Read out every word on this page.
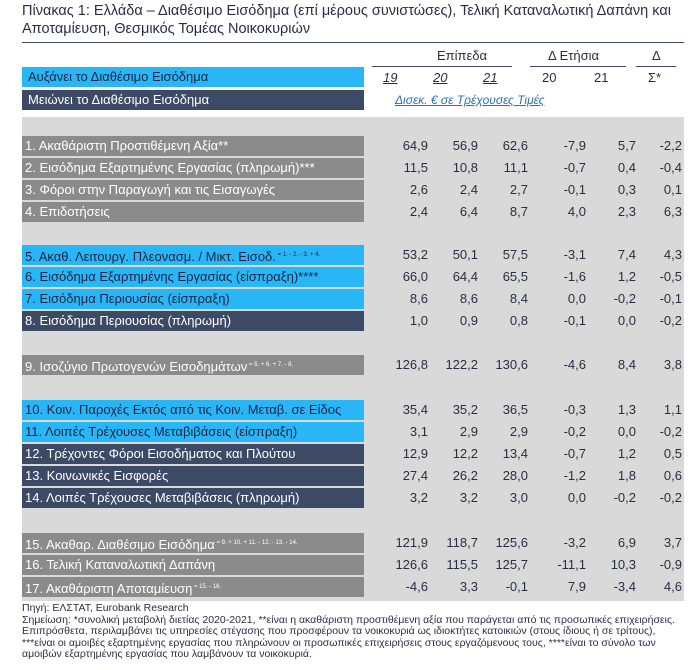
Πίνακας 1: Ελλάδα – Διαθέσιμο Εισόδημα (επί μέρους συνιστώσες), Τελική Καταναλωτική Δαπάνη και Αποταμίευση, Θεσμικός Τομέας Νοικοκυριών
Επίπεδα	Δ Ετήσια	Δ
Αυξάνει το Διαθέσιμο Εισόδημα
Μειώνει το Διαθέσιμο Εισόδημα
19	20	21	20	21	Σ*
Δισεκ. € σε Τρέχουσες Τιμές
1. Ακαθάριστη Προστιθέμενη Αξία**	64,9	56,9	62,6	-7,9	5,7	-2,2
2. Εισόδημα Εξαρτημένης Εργασίας (πληρωμή)***	11,5	10,8	11,1	-0,7	0,4	-0,4
3. Φόροι στην Παραγωγή και τις Εισαγωγές	2,6	2,4	2,7	-0,1	0,3	0,1
4. Επιδοτήσεις	2,4	6,4	8,7	4,0	2,3	6,3
5. Ακαθ. Λειτουργ. Πλεονασμ. / Μικτ. Εισοδ. $^{= 1. - 2. - 3. + 4.}$	53,2	50,1	57,5	-3,1	7,4	4,3
6. Εισόδημα Εξαρτημένης Εργασίας (είσπραξη)****	66,0	64,4	65,5	-1,6	1,2	-0,5
7. Εισόδημα Περιουσίας (είσπραξη)	8,6	8,6	8,4	0,0	-0,2	-0,1
8. Εισόδημα Περιουσίας (πληρωμή)	1,0	0,9	0,8	-0,1	0,0	-0,2
9. Ισοζύγιο Πρωτογενών Εισοδημάτων $^{= 5. + 6. + 7. - 8.}$	126,8	122,2	130,6	-4,6	8,4	3,8
10. Κοιν. Παροχές Εκτός από τις Κοιν. Μεταβ. σε Είδος	35,4	35,2	36,5	-0,3	1,3	1,1
11. Λοιπές Τρέχουσες Μεταβιβάσεις (είσπραξη)	3,1	2,9	2,9	-0,2	0,0	-0,2
12. Τρέχοντες Φόροι Εισοδήματος και Πλούτου	12,9	12,2	13,4	-0,7	1,2	0,5
13. Κοινωνικές Εισφορές	27,4	26,2	28,0	-1,2	1,8	0,6
14. Λοιπές Τρέχουσες Μεταβιβάσεις (πληρωμή)	3,2	3,2	3,0	0,0	-0,2	-0,2
15. Ακαθαρ. Διαθέσιμο Εισόδημα $^{= 9. + 10. + 11. - 12. - 13. - 14.}$	121,9	118,7	125,6	-3,2	6,9	3,7
16. Τελική Καταναλωτική Δαπάνη	126,6	115,5	125,7	-11,1	10,3	-0,9
17. Ακαθάριστη Αποταμίευση $^{= 15. - 16.}$	-4,6	3,3	-0,1	7,9	-3,4	4,6

Πηγή: ΕΛΣΤΑΤ, Eurobank Research

Σημείωση: *συνολική μεταβολή διετίας 2020-2021, **είναι η ακαθάριστη προστιθέμενη αξία που παράγεται από τις προσωπικές επιχειρήσεις. Επιπρόσθετα, περιλαμβάνει τις υπηρεσίες στέγασης που προσφέρουν τα νοικοκυριά ως ιδιοκτήτες κατοικιών (στους ίδιους ή σε τρίτους), ***είναι οι αμοιβές εξαρτημένης εργασίας που πληρώνουν οι προσωπικές επιχειρήσεις στους εργαζόμενους τους, ****είναι το σύνολο των αμοιβών εξαρτημένης εργασίας που λαμβάνουν τα νοικοκυριά.
